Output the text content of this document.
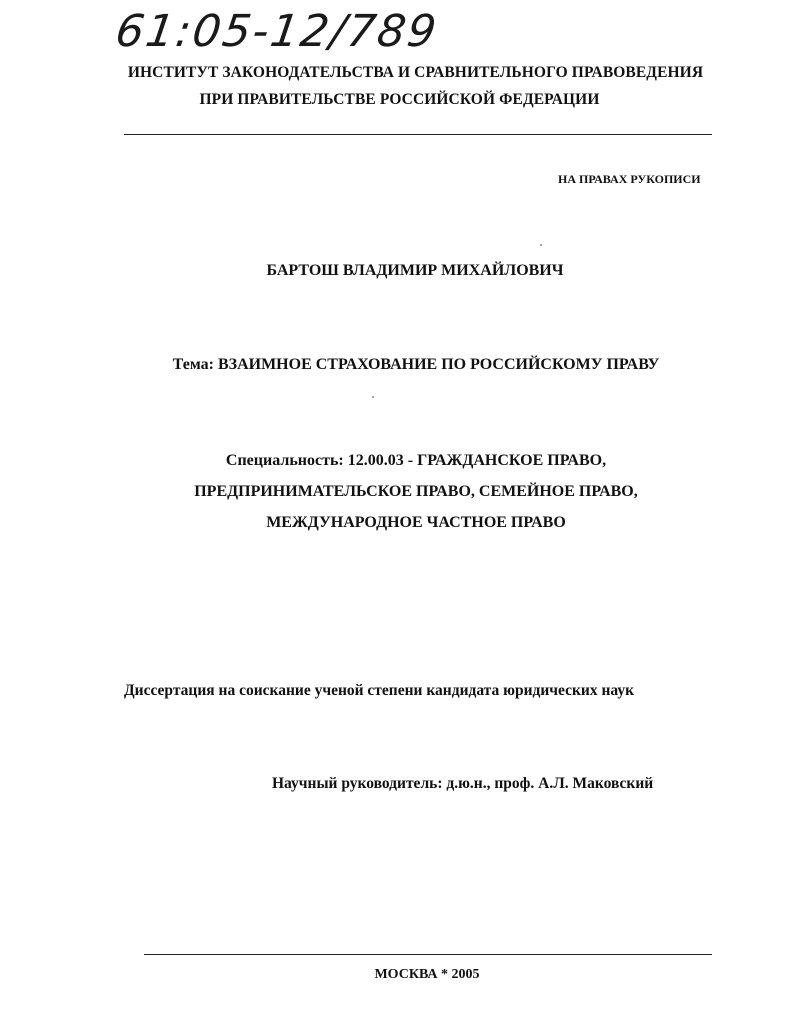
61:05-12/789
ИНСТИТУТ ЗАКОНОДАТЕЛЬСТВА И СРАВНИТЕЛЬНОГО ПРАВОВЕДЕНИЯ
ПРИ ПРАВИТЕЛЬСТВЕ РОССИЙСКОЙ ФЕДЕРАЦИИ
НА ПРАВАХ РУКОПИСИ
БАРТОШ ВЛАДИМИР МИХАЙЛОВИЧ
Тема: ВЗАИМНОЕ СТРАХОВАНИЕ ПО РОССИЙСКОМУ ПРАВУ
Специальность: 12.00.03 - ГРАЖДАНСКОЕ ПРАВО,
ПРЕДПРИНИМАТЕЛЬСКОЕ ПРАВО, СЕМЕЙНОЕ ПРАВО,
МЕЖДУНАРОДНОЕ ЧАСТНОЕ ПРАВО
Диссертация на соискание ученой степени кандидата юридических наук
Научный руководитель: д.ю.н., проф. А.Л. Маковский
МОСКВА * 2005
